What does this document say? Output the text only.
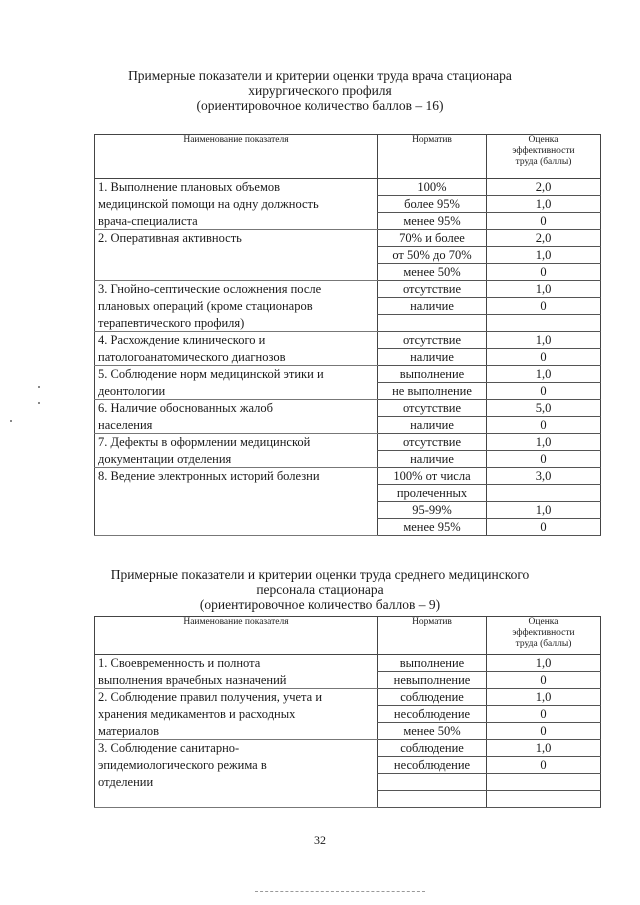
Примерные показатели и критерии оценки труда врача стационара
хирургического профиля
(ориентировочное количество баллов – 16)
Наименование показателя	Норматив	Оценка
эффективности
труда (баллы)

1. Выполнение плановых объемов	100%	2,0
медицинской помощи на одну должность	более 95%	1,0
врача-специалиста	менее 95%	0
2. Оперативная активность	70% и более	2,0
	от 50% до 70%	1,0
	менее 50%	0
3. Гнойно-септические осложнения после	отсутствие	1,0
плановых операций (кроме стационаров	наличие	0
терапевтического профиля)		
4. Расхождение клинического и	отсутствие	1,0
патологоанатомического диагнозов	наличие	0
5. Соблюдение норм медицинской этики и	выполнение	1,0
деонтологии	не выполнение	0
6. Наличие обоснованных жалоб	отсутствие	5,0
населения	наличие	0
7. Дефекты в оформлении медицинской	отсутствие	1,0
документации отделения	наличие	0
8. Ведение электронных историй болезни	100% от числа	3,0
	пролеченных	
	95-99%	1,0
	менее 95%	0
Примерные показатели и критерии оценки труда среднего медицинского
персонала стационара
(ориентировочное количество баллов – 9)
Наименование показателя	Норматив	Оценка
эффективности
труда (баллы)

1. Своевременность и полнота	выполнение	1,0
выполнения врачебных назначений	невыполнение	0
2. Соблюдение правил получения, учета и	соблюдение	1,0
хранения медикаментов и расходных	несоблюдение	0
материалов	менее 50%	0
3. Соблюдение санитарно-	соблюдение	1,0
эпидемиологического режима в	несоблюдение	0
отделении		

32
